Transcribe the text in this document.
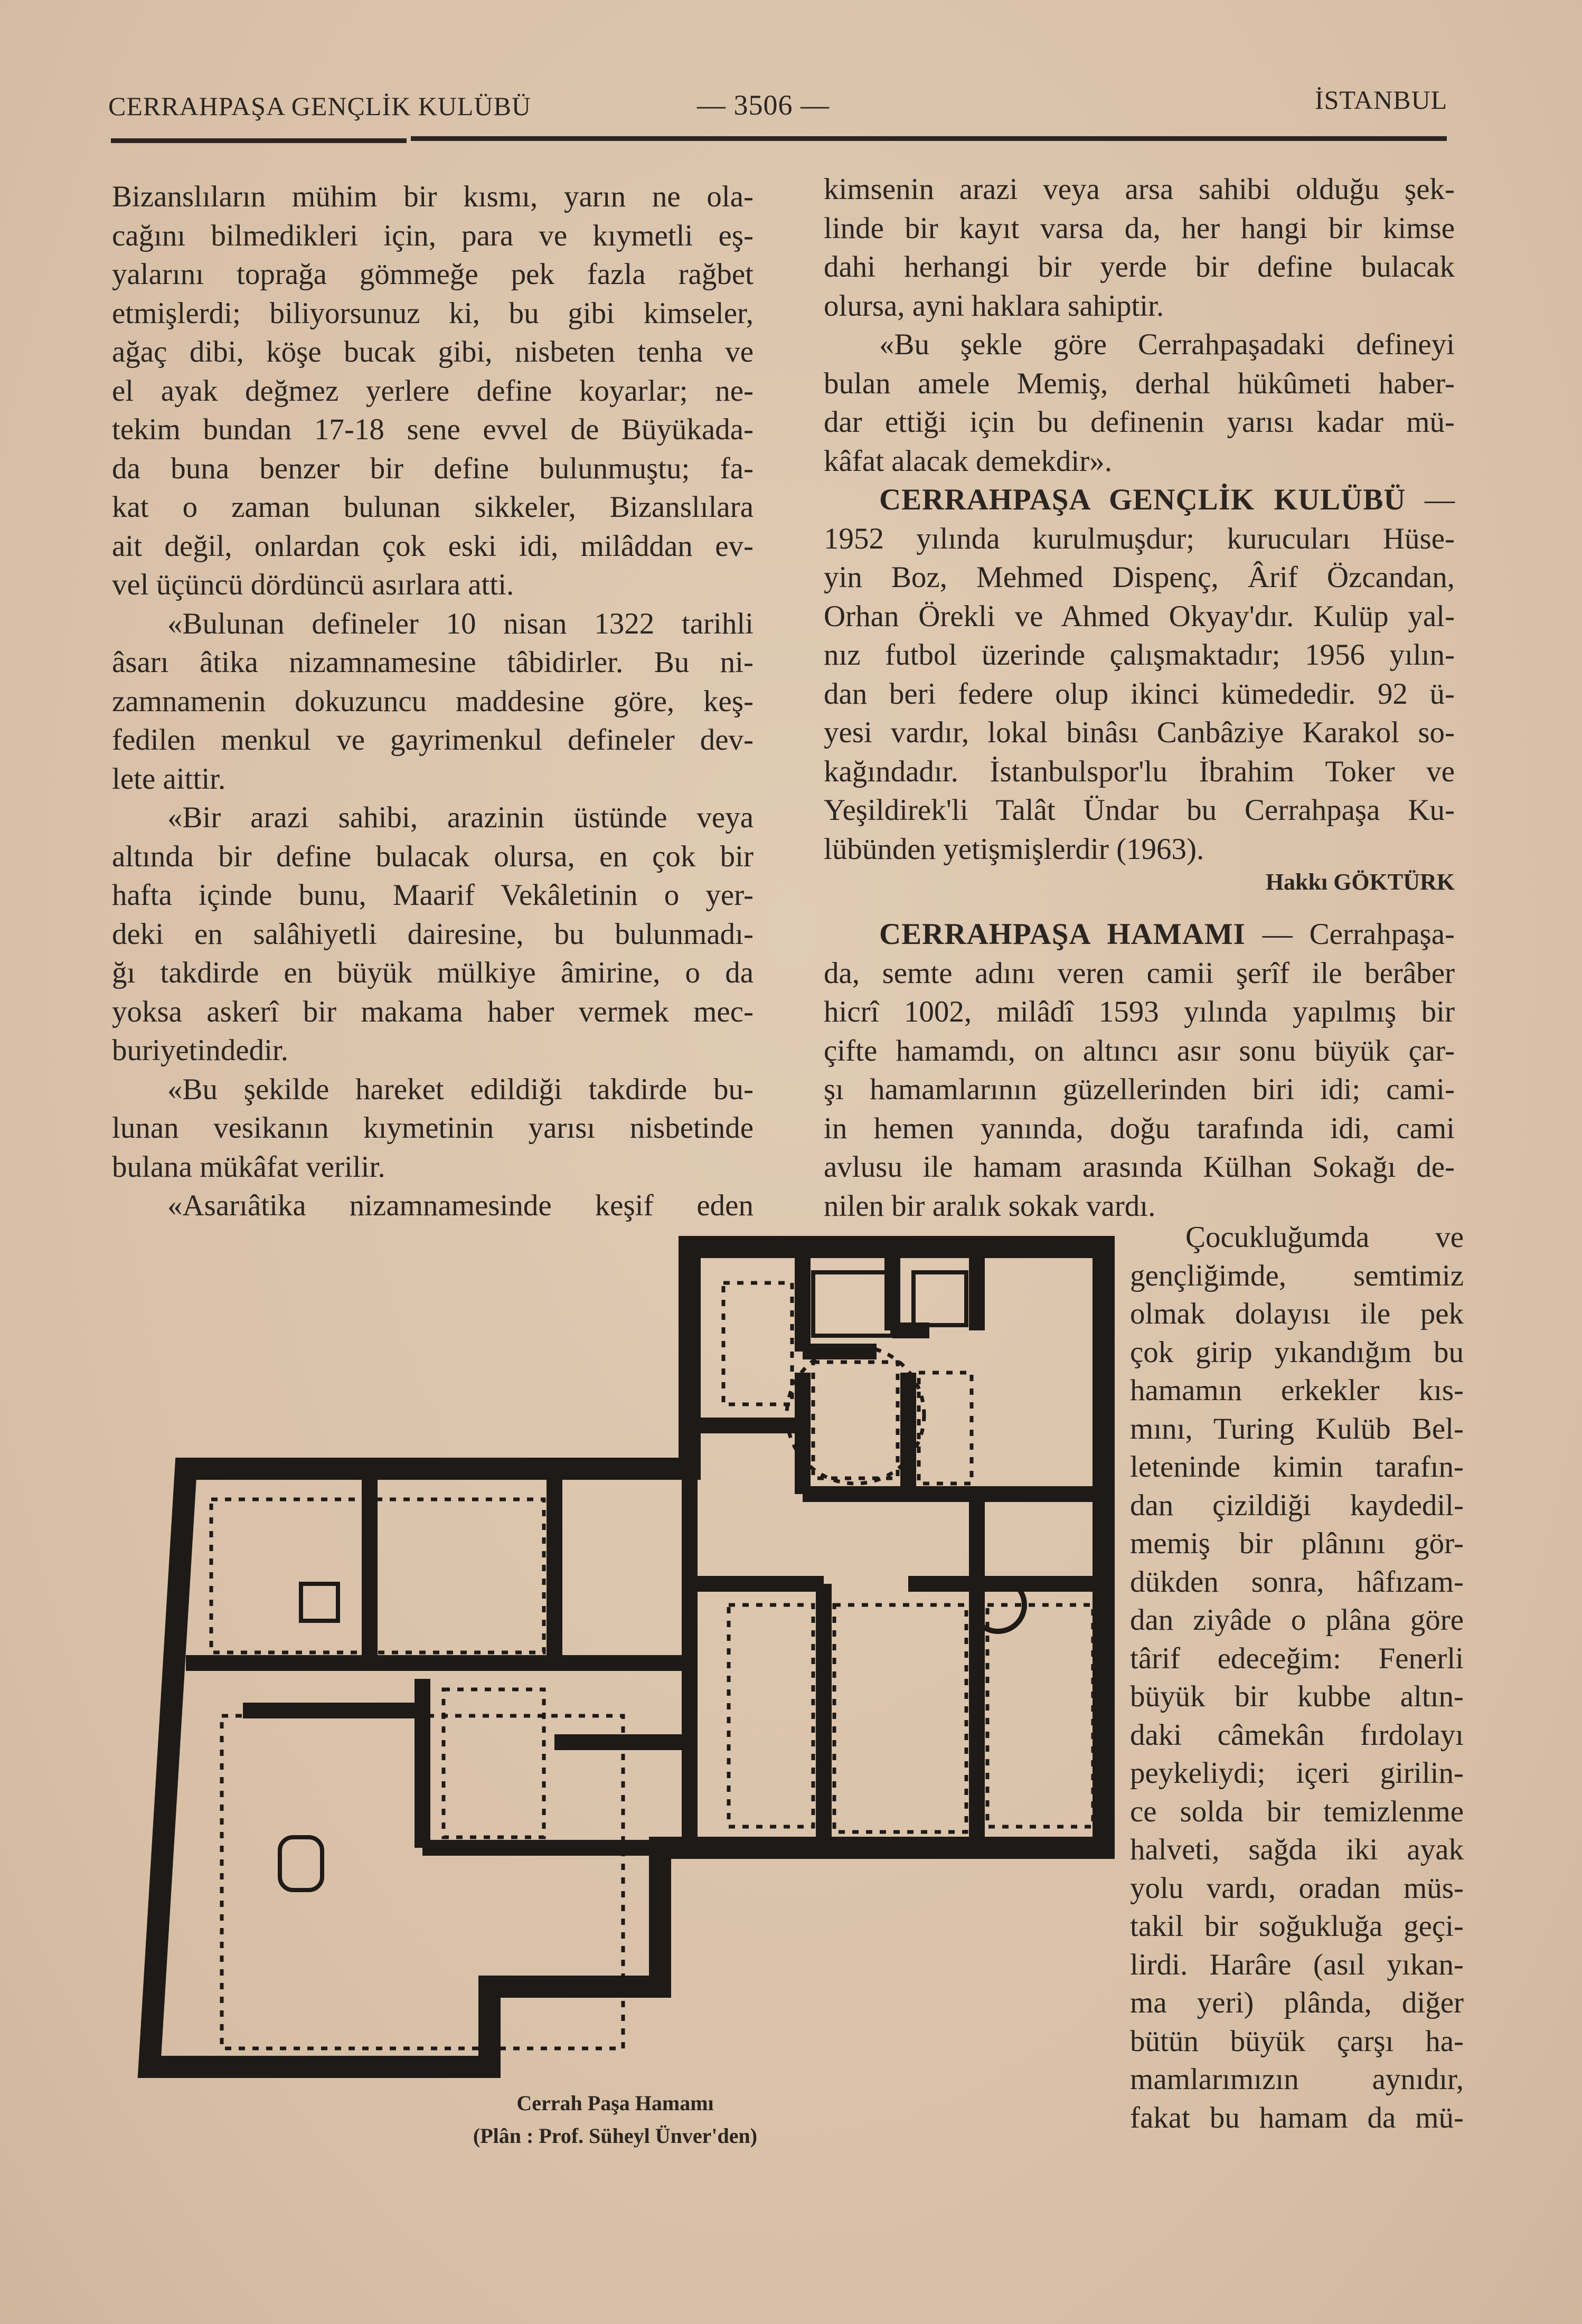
CERRAHPAŞA GENÇLİK KULÜBÜ	— 3506 —	İSTANBUL
Bizanslıların mühim bir kısmı, yarın ne ola-
cağını bilmedikleri için, para ve kıymetli eş-
yalarını toprağa gömmeğe pek fazla rağbet
etmişlerdi; biliyorsunuz ki, bu gibi kimseler,
ağaç dibi, köşe bucak gibi, nisbeten tenha ve
el ayak değmez yerlere define koyarlar; ne-
tekim bundan 17-18 sene evvel de Büyükada-
da buna benzer bir define bulunmuştu; fa-
kat o zaman bulunan sikkeler, Bizanslılara
ait değil, onlardan çok eski idi, milâddan ev-
vel üçüncü dördüncü asırlara atti.
«Bulunan defineler 10 nisan 1322 tarihli
âsarı âtika nizamnamesine tâbidirler. Bu ni-
zamnamenin dokuzuncu maddesine göre, keş-
fedilen menkul ve gayrimenkul defineler dev-
lete aittir.
«Bir arazi sahibi, arazinin üstünde veya
altında bir define bulacak olursa, en çok bir
hafta içinde bunu, Maarif Vekâletinin o yer-
deki en salâhiyetli dairesine, bu bulunmadı-
ğı takdirde en büyük mülkiye âmirine, o da
yoksa askerî bir makama haber vermek mec-
buriyetindedir.
«Bu şekilde hareket edildiği takdirde bu-
lunan vesikanın kıymetinin yarısı nisbetinde
bulana mükâfat verilir.
«Asarıâtika nizamnamesinde keşif eden
kimsenin arazi veya arsa sahibi olduğu şek-
linde bir kayıt varsa da, her hangi bir kimse
dahi herhangi bir yerde bir define bulacak
olursa, ayni haklara sahiptir.
«Bu şekle göre Cerrahpaşadaki defineyi
bulan amele Memiş, derhal hükûmeti haber-
dar ettiği için bu definenin yarısı kadar mü-
kâfat alacak demekdir».
CERRAHPAŞA GENÇLİK KULÜBÜ —
1952 yılında kurulmuşdur; kurucuları Hüse-
yin Boz, Mehmed Dispenç, Ârif Özcandan,
Orhan Örekli ve Ahmed Okyay'dır. Kulüp yal-
nız futbol üzerinde çalışmaktadır; 1956 yılın-
dan beri federe olup ikinci kümededir. 92 ü-
yesi vardır, lokal binâsı Canbâziye Karakol so-
kağındadır. İstanbulspor'lu İbrahim Toker ve
Yeşildirek'li Talât Ündar bu Cerrahpaşa Ku-
lübünden yetişmişlerdir (1963).
Hakkı GÖKTÜRK
CERRAHPAŞA HAMAMI — Cerrahpaşa-
da, semte adını veren camii şerîf ile berâber
hicrî 1002, milâdî 1593 yılında yapılmış bir
çifte hamamdı, on altıncı asır sonu büyük çar-
şı hamamlarının güzellerinden biri idi; cami-
in hemen yanında, doğu tarafında idi, cami
avlusu ile hamam arasında Külhan Sokağı de-
nilen bir aralık sokak vardı.
Çocukluğumda ve
gençliğimde, semtimiz
olmak dolayısı ile pek
çok girip yıkandığım bu
hamamın erkekler kıs-
mını, Turing Kulüb Bel-
leteninde kimin tarafın-
dan çizildiği kaydedil-
memiş bir plânını gör-
dükden sonra, hâfızam-
dan ziyâde o plâna göre
târif edeceğim: Fenerli
büyük bir kubbe altın-
daki câmekân fırdolayı
peykeliydi; içeri girilin-
ce solda bir temizlenme
halveti, sağda iki ayak
yolu vardı, oradan müs-
takil bir soğukluğa geçi-
lirdi. Harâre (asıl yıkan-
ma yeri) plânda, diğer
bütün büyük çarşı ha-
mamlarımızın aynıdır,
fakat bu hamam da mü-
Cerrah Paşa Hamamı
(Plân : Prof. Süheyl Ünver'den)
